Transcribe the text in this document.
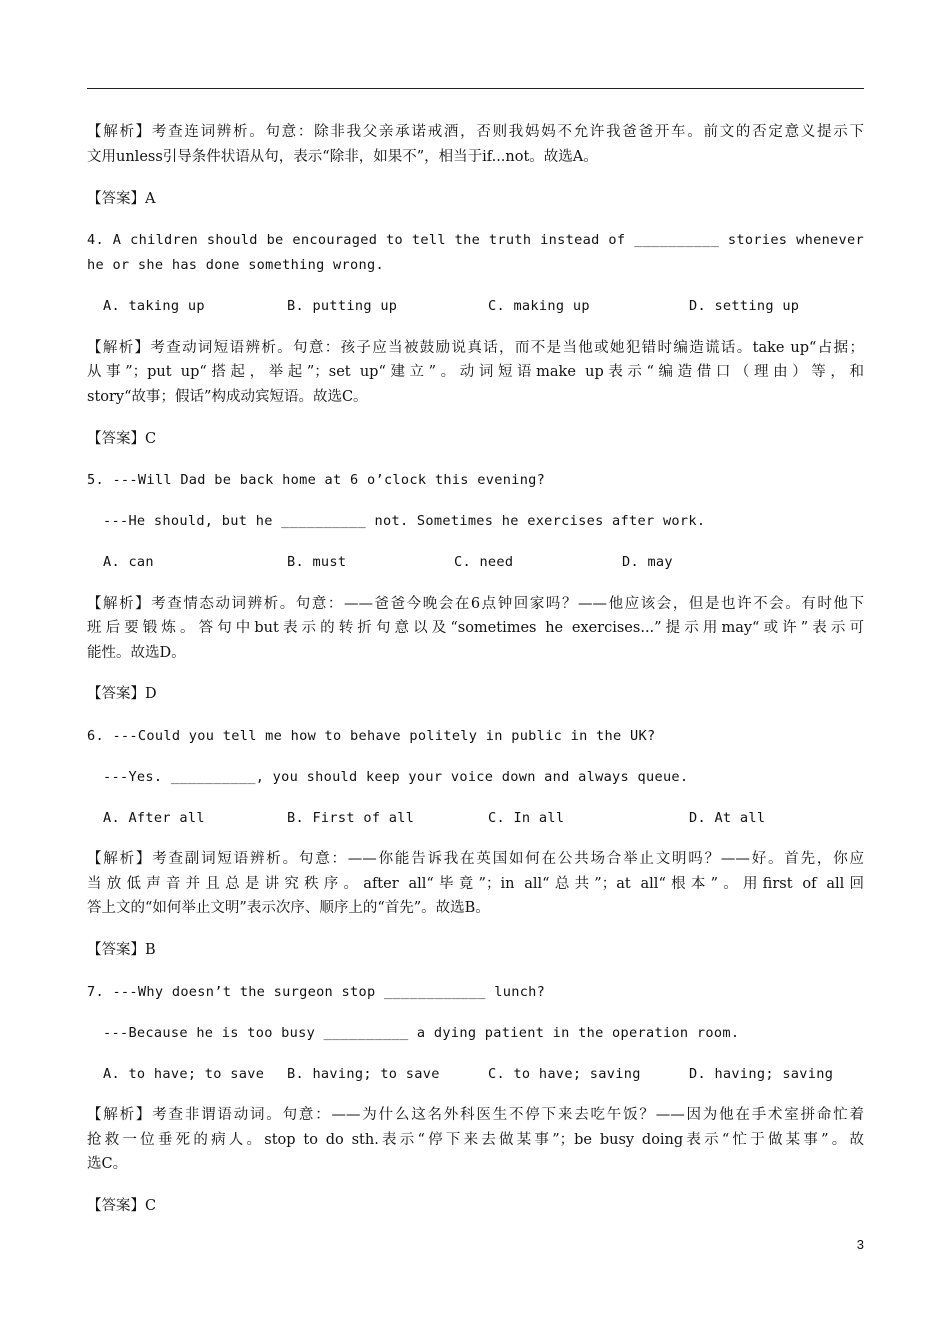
【解析】考查连词辨析。句意：除非我父亲承诺戒酒，否则我妈妈不允许我爸爸开车。前文的否定意义提示下
文用unless引导条件状语从句，表示“除非，如果不”，相当于if...not。故选A。
【答案】A
4. A children should be encouraged to tell the truth instead of __________ stories whenever
he or she has done something wrong.
A. taking up	B. putting up	C. making up	D. setting up
【解析】考查动词短语辨析。句意：孩子应当被鼓励说真话，而不是当他或她犯错时编造谎话。take up“占据；
从事”；put up“搭起，举起”；set up“建立”。动词短语make up表示“编造借口（理由）等，和
story“故事；假话”构成动宾短语。故选C。
【答案】C
5. ---Will Dad be back home at 6 o’clock this evening?
---He should, but he __________ not. Sometimes he exercises after work.
A. can	B. must	C. need	D. may
【解析】考查情态动词辨析。句意：——爸爸今晚会在6点钟回家吗？——他应该会，但是也许不会。有时他下
班后要锻炼。答句中but表示的转折句意以及“sometimes he exercises...”提示用may“或许”表示可
能性。故选D。
【答案】D
6. ---Could you tell me how to behave politely in public in the UK?
---Yes. __________, you should keep your voice down and always queue.
A. After all	B. First of all	C. In all	D. At all
【解析】考查副词短语辨析。句意：——你能告诉我在英国如何在公共场合举止文明吗？——好。首先，你应
当放低声音并且总是讲究秩序。after all“毕竟”；in all“总共”；at all“根本”。用first of all回
答上文的“如何举止文明”表示次序、顺序上的“首先”。故选B。
【答案】B
7. ---Why doesn’t the surgeon stop ____________ lunch?
---Because he is too busy __________ a dying patient in the operation room.
A. to have; to save B. having; to save	C. to have; saving	D. having; saving
【解析】考查非谓语动词。句意：——为什么这名外科医生不停下来去吃午饭？——因为他在手术室拼命忙着
抢救一位垂死的病人。stop to do sth.表示“停下来去做某事”；be busy doing表示“忙于做某事”。故
选C。
【答案】C
3
